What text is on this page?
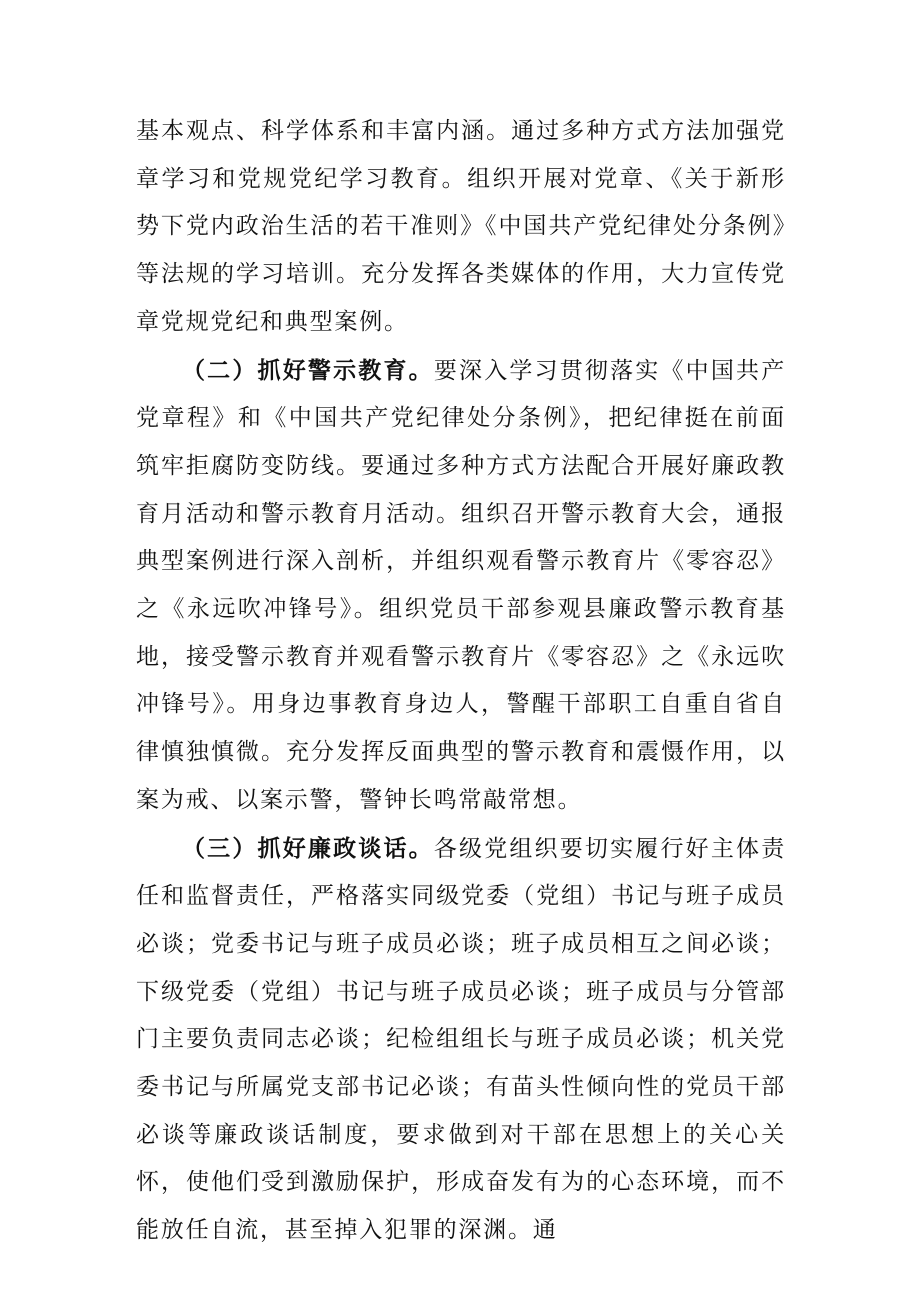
基本观点、科学体系和丰富内涵。通过多种方式方法加强党章学习和党规党纪学习教育。组织开展对党章、《关于新形势下党内政治生活的若干准则》《中国共产党纪律处分条例》等法规的学习培训。充分发挥各类媒体的作用，大力宣传党章党规党纪和典型案例。

（二）抓好警示教育。要深入学习贯彻落实《中国共产党章程》和《中国共产党纪律处分条例》，把纪律挺在前面筑牢拒腐防变防线。要通过多种方式方法配合开展好廉政教育月活动和警示教育月活动。组织召开警示教育大会，通报典型案例进行深入剖析，并组织观看警示教育片《零容忍》之《永远吹冲锋号》。组织党员干部参观县廉政警示教育基地，接受警示教育并观看警示教育片《零容忍》之《永远吹冲锋号》。用身边事教育身边人，警醒干部职工自重自省自律慎独慎微。充分发挥反面典型的警示教育和震慑作用，以案为戒、以案示警，警钟长鸣常敲常想。

（三）抓好廉政谈话。各级党组织要切实履行好主体责任和监督责任，严格落实同级党委（党组）书记与班子成员必谈；党委书记与班子成员必谈；班子成员相互之间必谈；下级党委（党组）书记与班子成员必谈；班子成员与分管部门主要负责同志必谈；纪检组组长与班子成员必谈；机关党委书记与所属党支部书记必谈；有苗头性倾向性的党员干部必谈等廉政谈话制度，要求做到对干部在思想上的关心关怀，使他们受到激励保护，形成奋发有为的心态环境，而不能放任自流，甚至掉入犯罪的深渊。通
